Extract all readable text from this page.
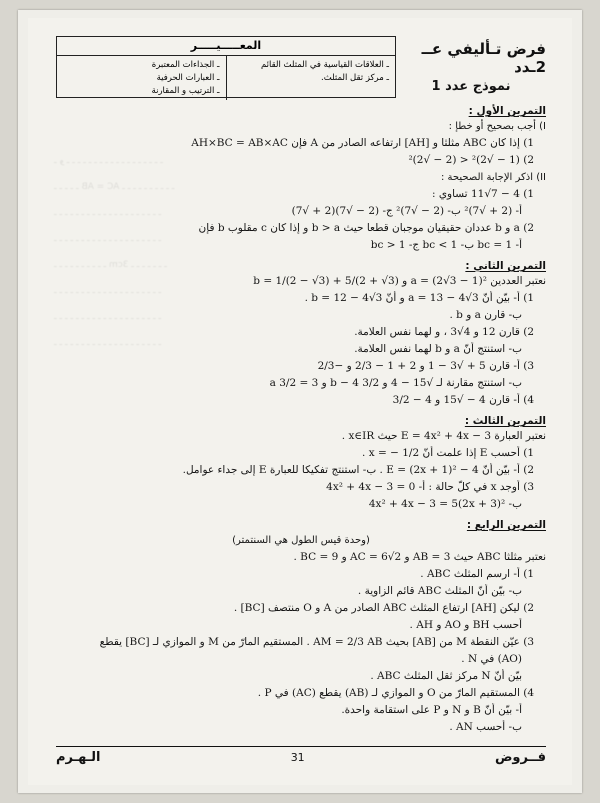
ـ و ـ ـ ـ ـ ـ ـ ـ ـ ـ ـ ـ ـ ـ ـ ـ ـ ـ ـ
ـ ـ ـ ـ ـ AC = AB ـ ـ ـ ـ ـ ـ ـ ـ ـ ـ
ـ ـ ـ ـ ـ ـ ـ ـ ـ ـ ـ ـ ـ ـ ـ ـ ـ ـ ـ ـ
ـ ـ ـ ـ ـ ـ ـ ـ ـ ـ ـ ـ ـ ـ ـ ـ ـ ـ ـ ـ
ـ ـ ـ ـ ـ ـ ـ ـ ـ ـ 3cm ـ ـ ـ ـ ـ ـ ـ
ـ ـ ـ ـ ـ ـ ـ ـ ـ ـ ـ ـ ـ ـ ـ ـ ـ ـ ـ ـ
ـ ـ ـ ـ ـ ـ ـ ـ ـ ـ ـ ـ ـ ـ ـ ـ ـ ـ ـ ـ
ـ ـ ـ ـ ـ ـ ـ ـ ـ ـ ـ ـ ـ ـ ـ ـ ـ ـ ـ ـ
فرض تـأليفي عــ 2ـدد
نموذج عدد 1
المعـــــيـــــر
ـ العلاقات القياسية في المثلث القائم
ـ مركز ثقل المثلث.
ـ الجذاءات المعتبرة
ـ العبارات الحرفية
ـ الترتيب و المقارنة
التمرين الأول :
I) أجب بصحيح أو خطإ :
1) إذا كان ABC مثلثا و [AH] ارتفاعه الصادر من A فإن AH×BC = AB×AC
2) (1 − √2)² < (2 − √2)²
II) اذكر الإجابة الصحيحة :
1) 4 − 7√11 تساوي :
أ‌- (2 + √7)² ب- (2 − √7)² ج- (2 − √7)(2 + √7)
2) a و b عددان حقيقيان موجبان قطعا حيث b > a و إذا كان c مقلوب b فإن
أ- bc = 1 ب- bc < 1 ج- bc > 1
التمرين الثاني :
نعتبر العددين a = (2√3 − 1)² و b = 1/(2 − √3) + 5/(2 + √3)
1) أ- بيّن أنّ a = 13 − 4√3 و أنّ b = 12 − 4√3 .
ب- قارن a و b .
2) قارن 12 و 4√3 ، و لهما نفس العلامة.
ب- استنتج أنّ a و b لهما نفس العلامة.
3) أ- قارن 5 + √3 − 1 و 2 + 1 − 2/3 و −2/3
ب- استنتج مقارنة لـ √15 − 4 و 3/2 b − 4 و a 3/2 = 3
4) أ- قارن 4 − √15 و 4 − 3/2
التمرين الثالث :
نعتبر العبارة E = 4x² + 4x − 3 حيث x∈IR .
1) أحسب E إذا علمت أنّ x = − 1/2 .
2) أ- بيّن أنّ E = (2x + 1)² − 4 . ب- استنتج تفكيكا للعبارة E إلى جداء عوامل.
3) أوجد x في كلّ حالة : أ- 4x² + 4x − 3 = 0
ب- 4x² + 4x − 3 = 5(2x + 3)²
التمرين الرابع :
(وحدة قيس الطول هي السنتمتر)
نعتبر مثلثا ABC حيث AB = 3 و AC = 6√2 و BC = 9 .
1) أ- ارسم المثلث ABC .
ب- بيّن أنّ المثلث ABC قائم الزاوية .
2) ليكن [AH] ارتفاع المثلث ABC الصادر من A و O منتصف [BC] .
أحسب BH و AO و AH .
3) عيّن النقطة M من [AB] بحيث AM = 2/3 AB . المستقيم المارّ من M و الموازي لـ [BC] يقطع
(AO) في N .
بيّن أنّ N مركز ثقل المثلث ABC .
4) المستقيم المارّ من O و الموازي لـ (AB) يقطع (AC) في P .
أ- بيّن أنّ B و N و P على استقامة واحدة.
ب- أحسب AN .
فــروض
31
الـهـرم
